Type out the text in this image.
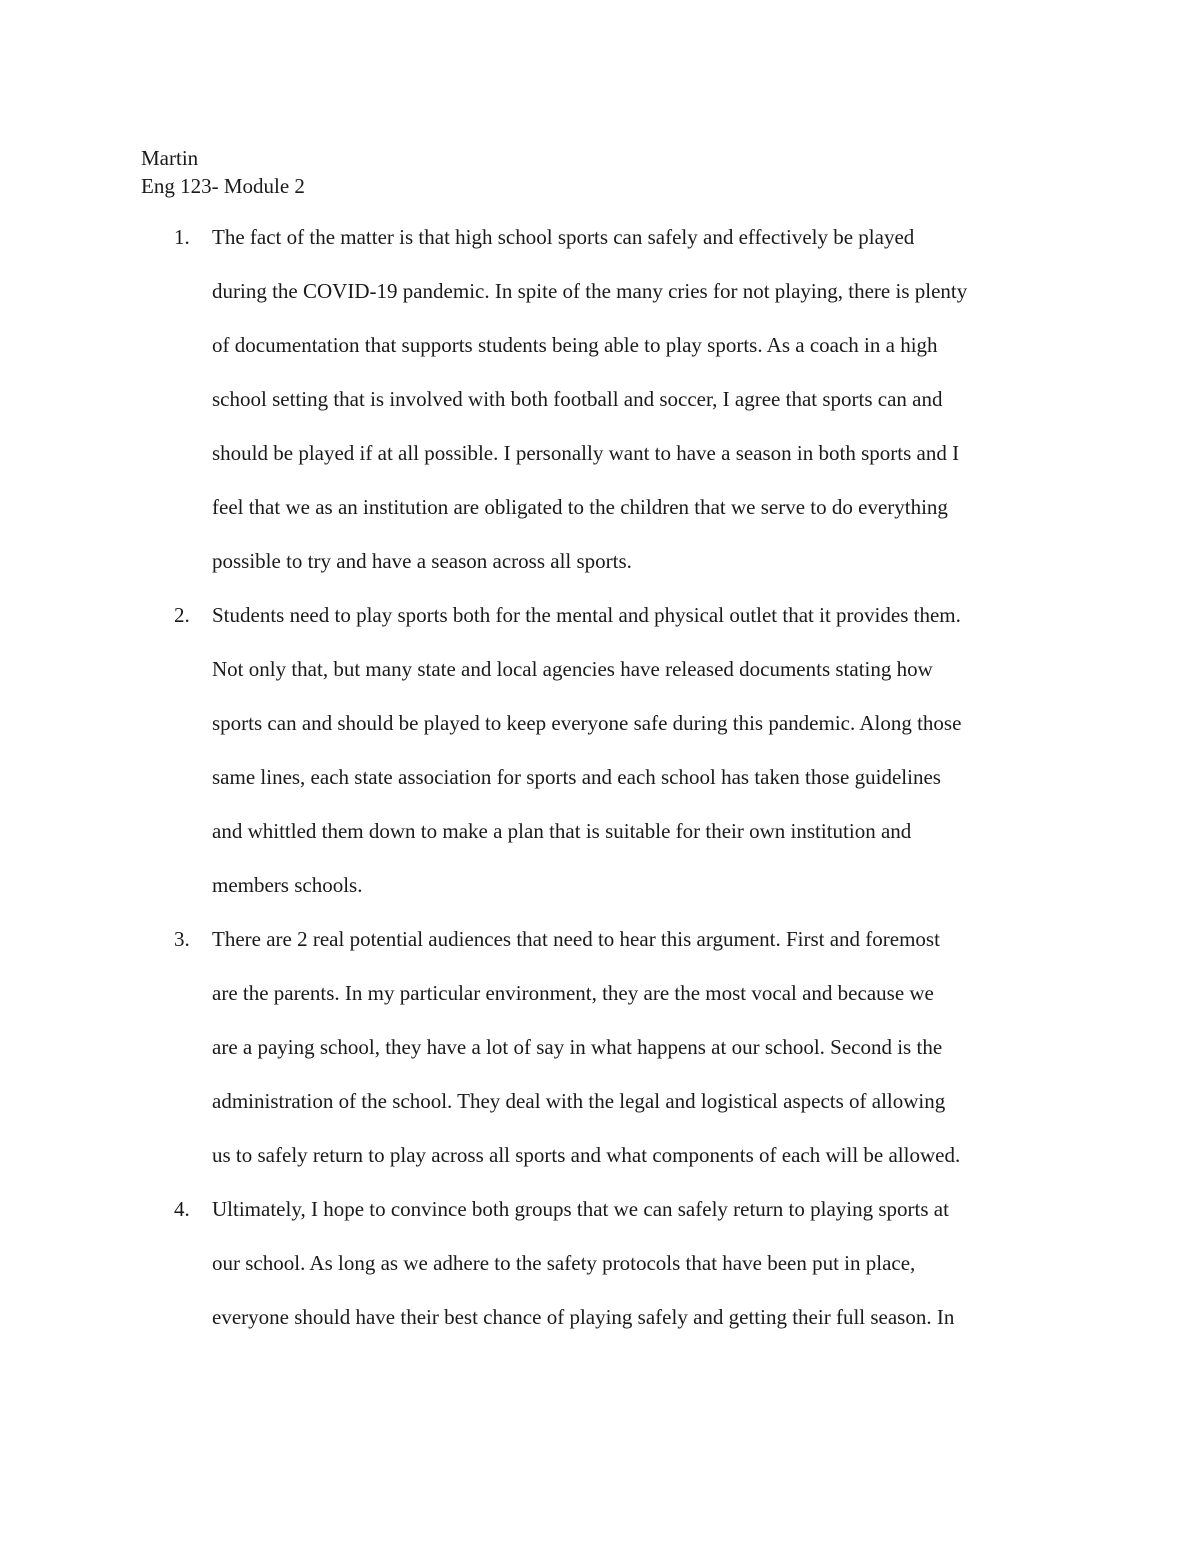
Martin
Eng 123- Module 2
1. The fact of the matter is that high school sports can safely and effectively be played
during the COVID-19 pandemic. In spite of the many cries for not playing, there is plenty
of documentation that supports students being able to play sports. As a coach in a high
school setting that is involved with both football and soccer, I agree that sports can and
should be played if at all possible. I personally want to have a season in both sports and I
feel that we as an institution are obligated to the children that we serve to do everything
possible to try and have a season across all sports.
2. Students need to play sports both for the mental and physical outlet that it provides them.
Not only that, but many state and local agencies have released documents stating how
sports can and should be played to keep everyone safe during this pandemic. Along those
same lines, each state association for sports and each school has taken those guidelines
and whittled them down to make a plan that is suitable for their own institution and
members schools.
3. There are 2 real potential audiences that need to hear this argument. First and foremost
are the parents. In my particular environment, they are the most vocal and because we
are a paying school, they have a lot of say in what happens at our school. Second is the
administration of the school. They deal with the legal and logistical aspects of allowing
us to safely return to play across all sports and what components of each will be allowed.
4. Ultimately, I hope to convince both groups that we can safely return to playing sports at
our school. As long as we adhere to the safety protocols that have been put in place,
everyone should have their best chance of playing safely and getting their full season. In
